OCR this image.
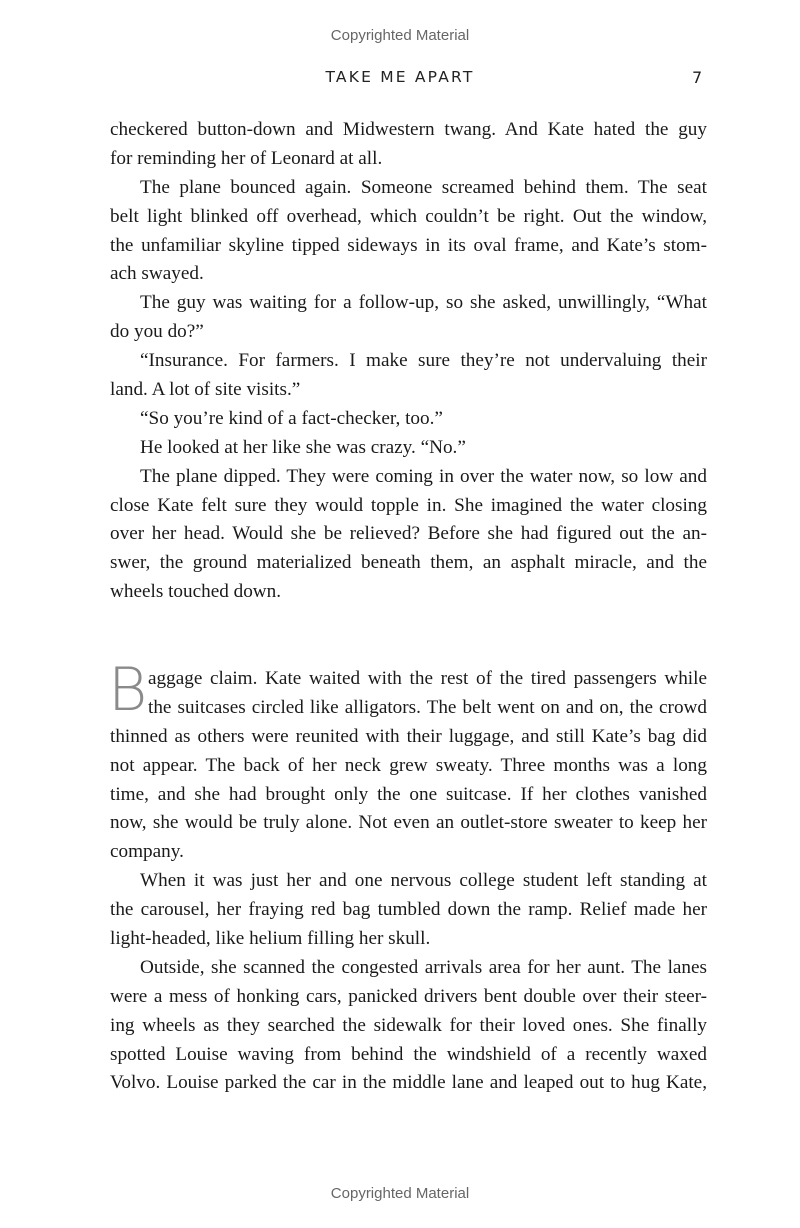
Copyrighted Material
TAKE ME APART	7
checkered button-down and Midwestern twang. And Kate hated the guy
for reminding her of Leonard at all.
The plane bounced again. Someone screamed behind them. The seat
belt light blinked off overhead, which couldn’t be right. Out the window,
the unfamiliar skyline tipped sideways in its oval frame, and Kate’s stom-
ach swayed.
The guy was waiting for a follow-up, so she asked, unwillingly, “What
do you do?”
“Insurance. For farmers. I make sure they’re not undervaluing their
land. A lot of site visits.”
“So you’re kind of a fact-checker, too.”
He looked at her like she was crazy. “No.”
The plane dipped. They were coming in over the water now, so low and
close Kate felt sure they would topple in. She imagined the water closing
over her head. Would she be relieved? Before she had figured out the an-
swer, the ground materialized beneath them, an asphalt miracle, and the
wheels touched down.
B aggage claim. Kate waited with the rest of the tired passengers while
the suitcases circled like alligators. The belt went on and on, the crowd
thinned as others were reunited with their luggage, and still Kate’s bag did
not appear. The back of her neck grew sweaty. Three months was a long
time, and she had brought only the one suitcase. If her clothes vanished
now, she would be truly alone. Not even an outlet-store sweater to keep her
company.
When it was just her and one nervous college student left standing at
the carousel, her fraying red bag tumbled down the ramp. Relief made her
light-headed, like helium filling her skull.
Outside, she scanned the congested arrivals area for her aunt. The lanes
were a mess of honking cars, panicked drivers bent double over their steer-
ing wheels as they searched the sidewalk for their loved ones. She finally
spotted Louise waving from behind the windshield of a recently waxed
Volvo. Louise parked the car in the middle lane and leaped out to hug Kate,
Copyrighted Material
